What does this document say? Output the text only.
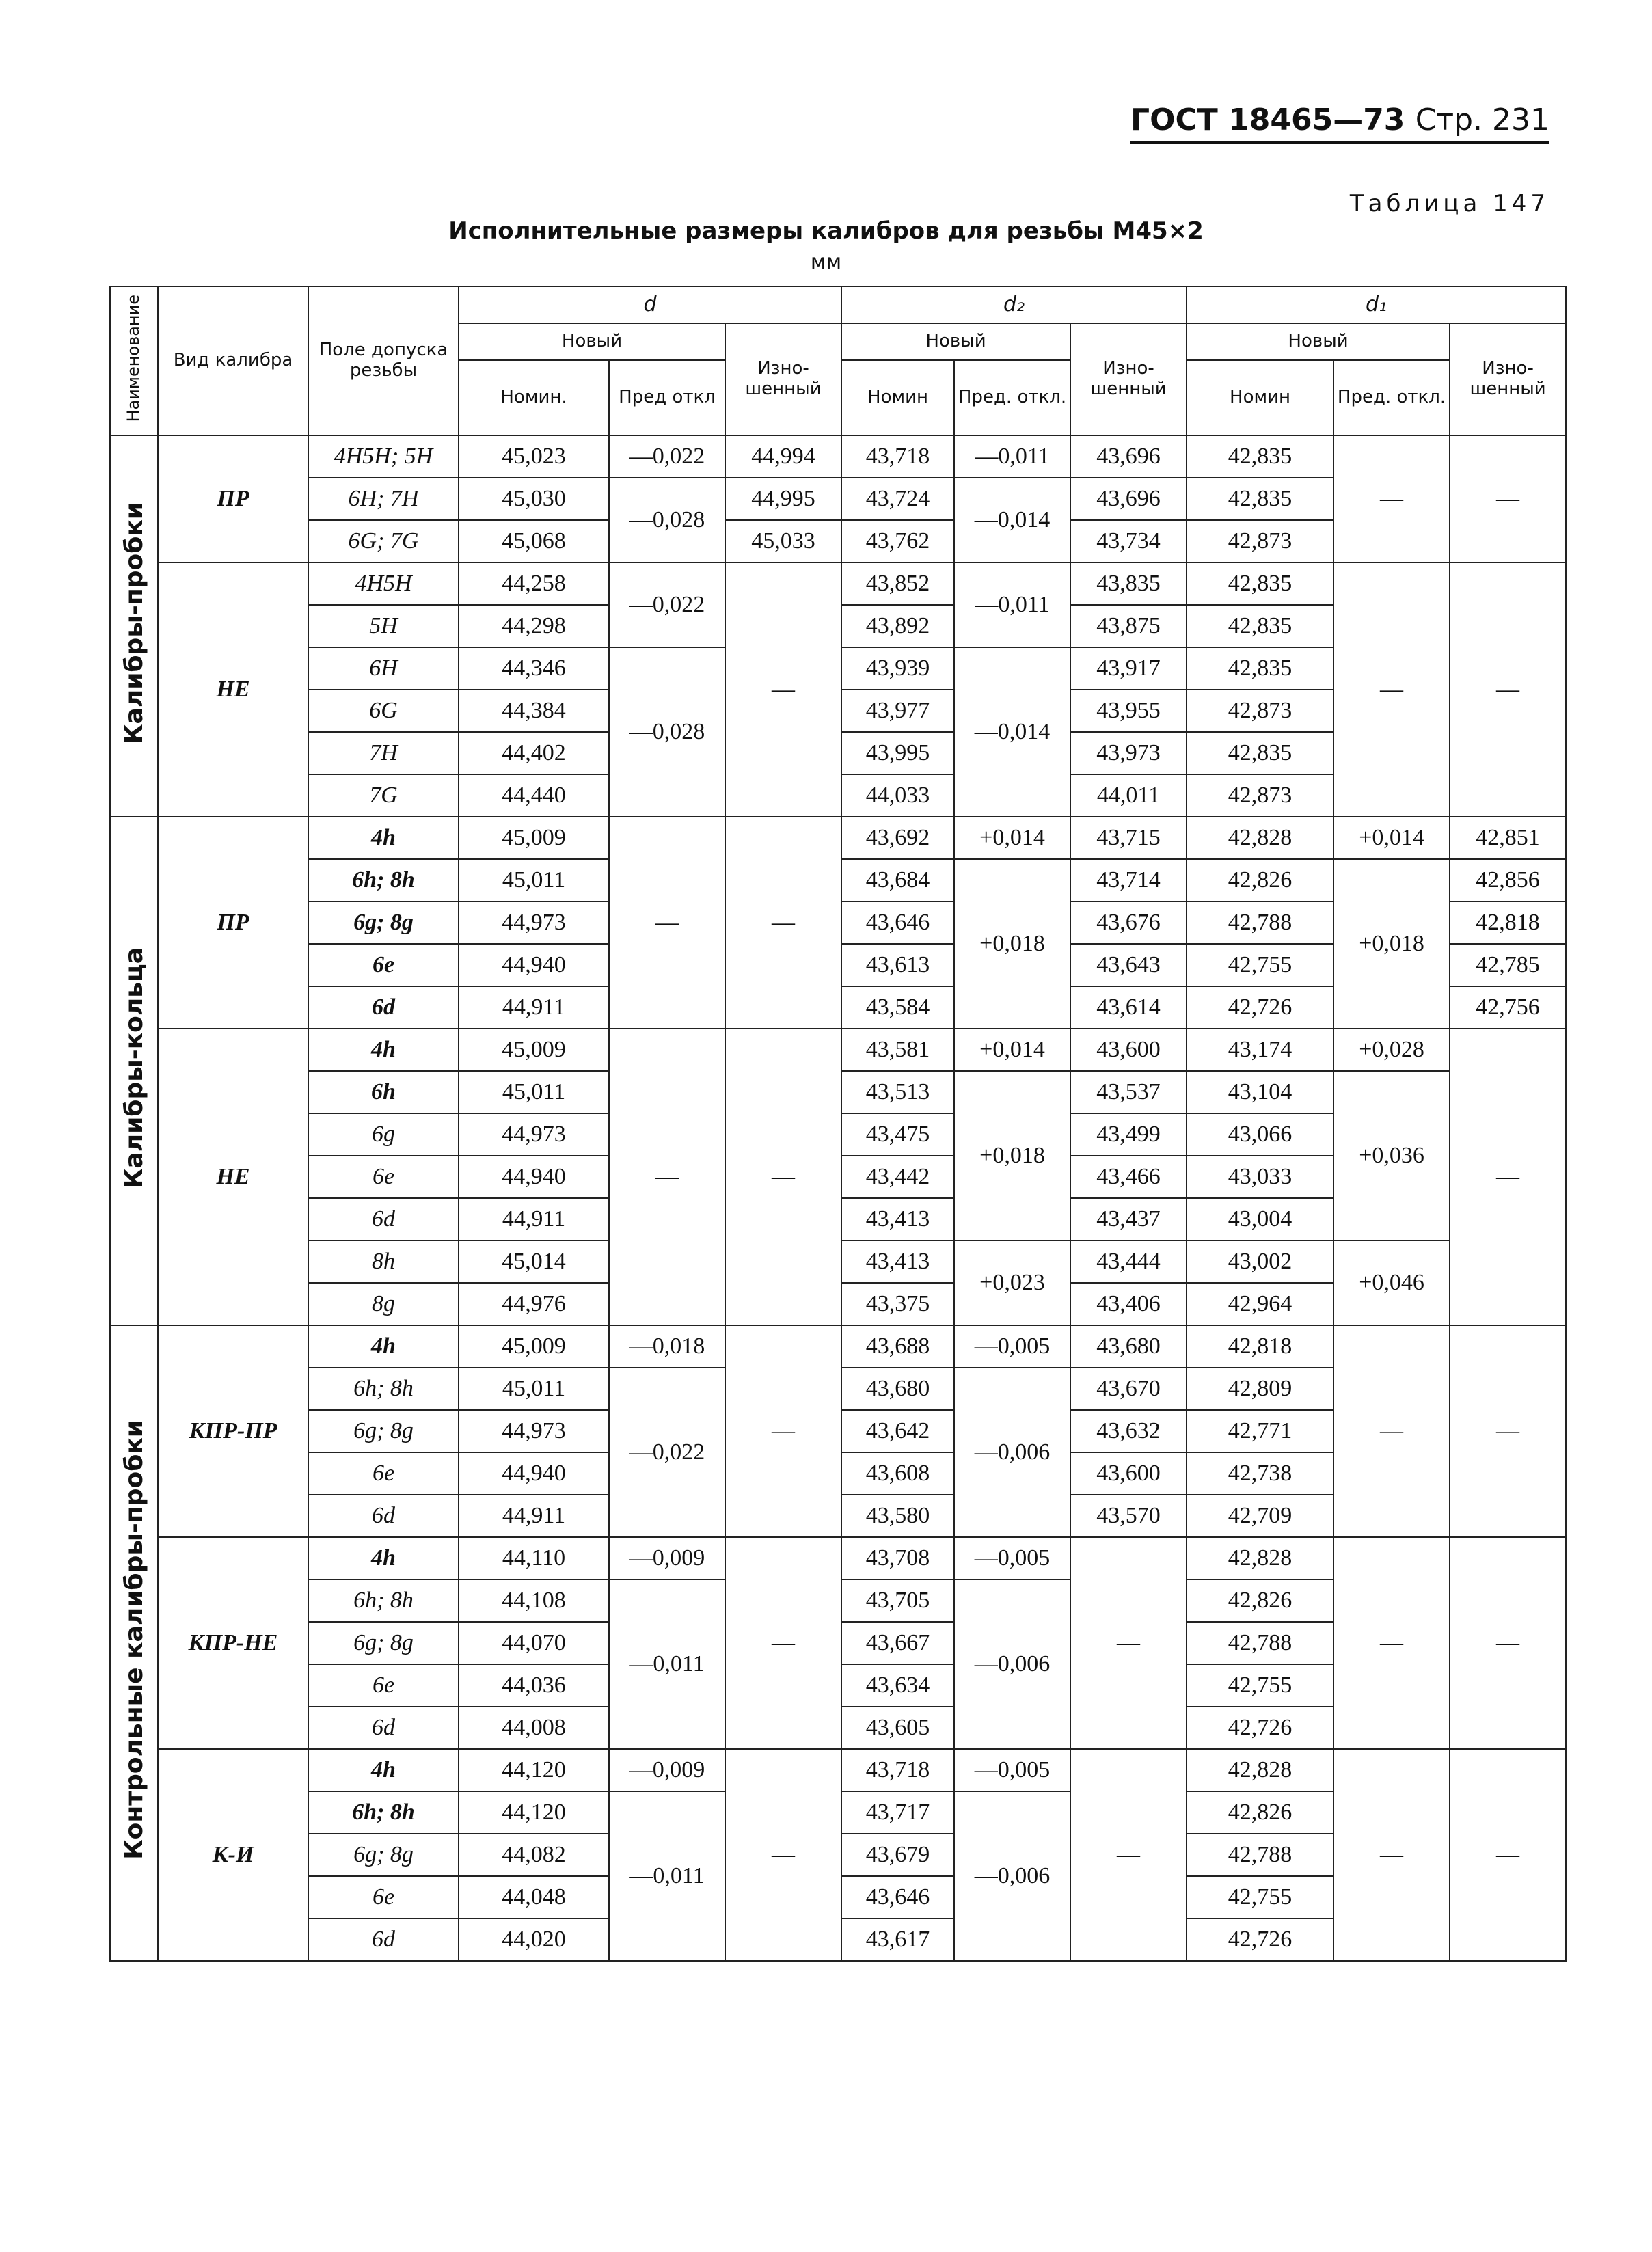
ГОСТ 18465—73 Стр. 231
Таблица 147
Исполнительные размеры калибров для резьбы М45×2
мм
Наименование	Вид калибра	Поле допуска резьбы	d			d₂			d₁		
			Новый		Изно-шенный	Новый		Изно-шенный	Новый		Изно-шенный
			Номин.	Пред откл		Номин	Пред. откл.		Номин	Пред. откл.	
Калибры-пробки	ПР	4H5H; 5H	45,023	—0,022	44,994	43,718	—0,011	43,696	42,835	—	—
		6H; 7H	45,030	—0,028	44,995	43,724	—0,014	43,696	42,835		
		6G; 7G	45,068		45,033	43,762		43,734	42,873		
	НЕ	4H5H	44,258	—0,022	—	43,852	—0,011	43,835	42,835	—	—
		5H	44,298			43,892		43,875	42,835		
		6H	44,346	—0,028		43,939	—0,014	43,917	42,835		
		6G	44,384			43,977		43,955	42,873		
		7H	44,402			43,995		43,973	42,835		
		7G	44,440			44,033		44,011	42,873		
Калибры-кольца	ПР	4h	45,009	—	—	43,692	+0,014	43,715	42,828	+0,014	42,851
		6h; 8h	45,011			43,684	+0,018	43,714	42,826	+0,018	42,856
		6g; 8g	44,973			43,646		43,676	42,788		42,818
		6e	44,940			43,613		43,643	42,755		42,785
		6d	44,911			43,584		43,614	42,726		42,756
	НЕ	4h	45,009	—	—	43,581	+0,014	43,600	43,174	+0,028	—
		6h	45,011			43,513	+0,018	43,537	43,104	+0,036	
		6g	44,973			43,475		43,499	43,066		
		6e	44,940			43,442		43,466	43,033		
		6d	44,911			43,413		43,437	43,004		
		8h	45,014			43,413	+0,023	43,444	43,002	+0,046	
		8g	44,976			43,375		43,406	42,964		
Контрольные калибры-пробки	КПР-ПР	4h	45,009	—0,018	—	43,688	—0,005	43,680	42,818	—	—
		6h; 8h	45,011	—0,022		43,680	—0,006	43,670	42,809		
		6g; 8g	44,973			43,642		43,632	42,771		
		6e	44,940			43,608		43,600	42,738		
		6d	44,911			43,580		43,570	42,709		
	КПР-НЕ	4h	44,110	—0,009	—	43,708	—0,005	—	42,828	—	—
		6h; 8h	44,108	—0,011		43,705	—0,006		42,826		
		6g; 8g	44,070			43,667			42,788		
		6e	44,036			43,634			42,755		
		6d	44,008			43,605			42,726		
	К-И	4h	44,120	—0,009	—	43,718	—0,005	—	42,828	—	—
		6h; 8h	44,120	—0,011		43,717	—0,006		42,826		
		6g; 8g	44,082			43,679			42,788		
		6e	44,048			43,646			42,755		
		6d	44,020			43,617			42,726		
